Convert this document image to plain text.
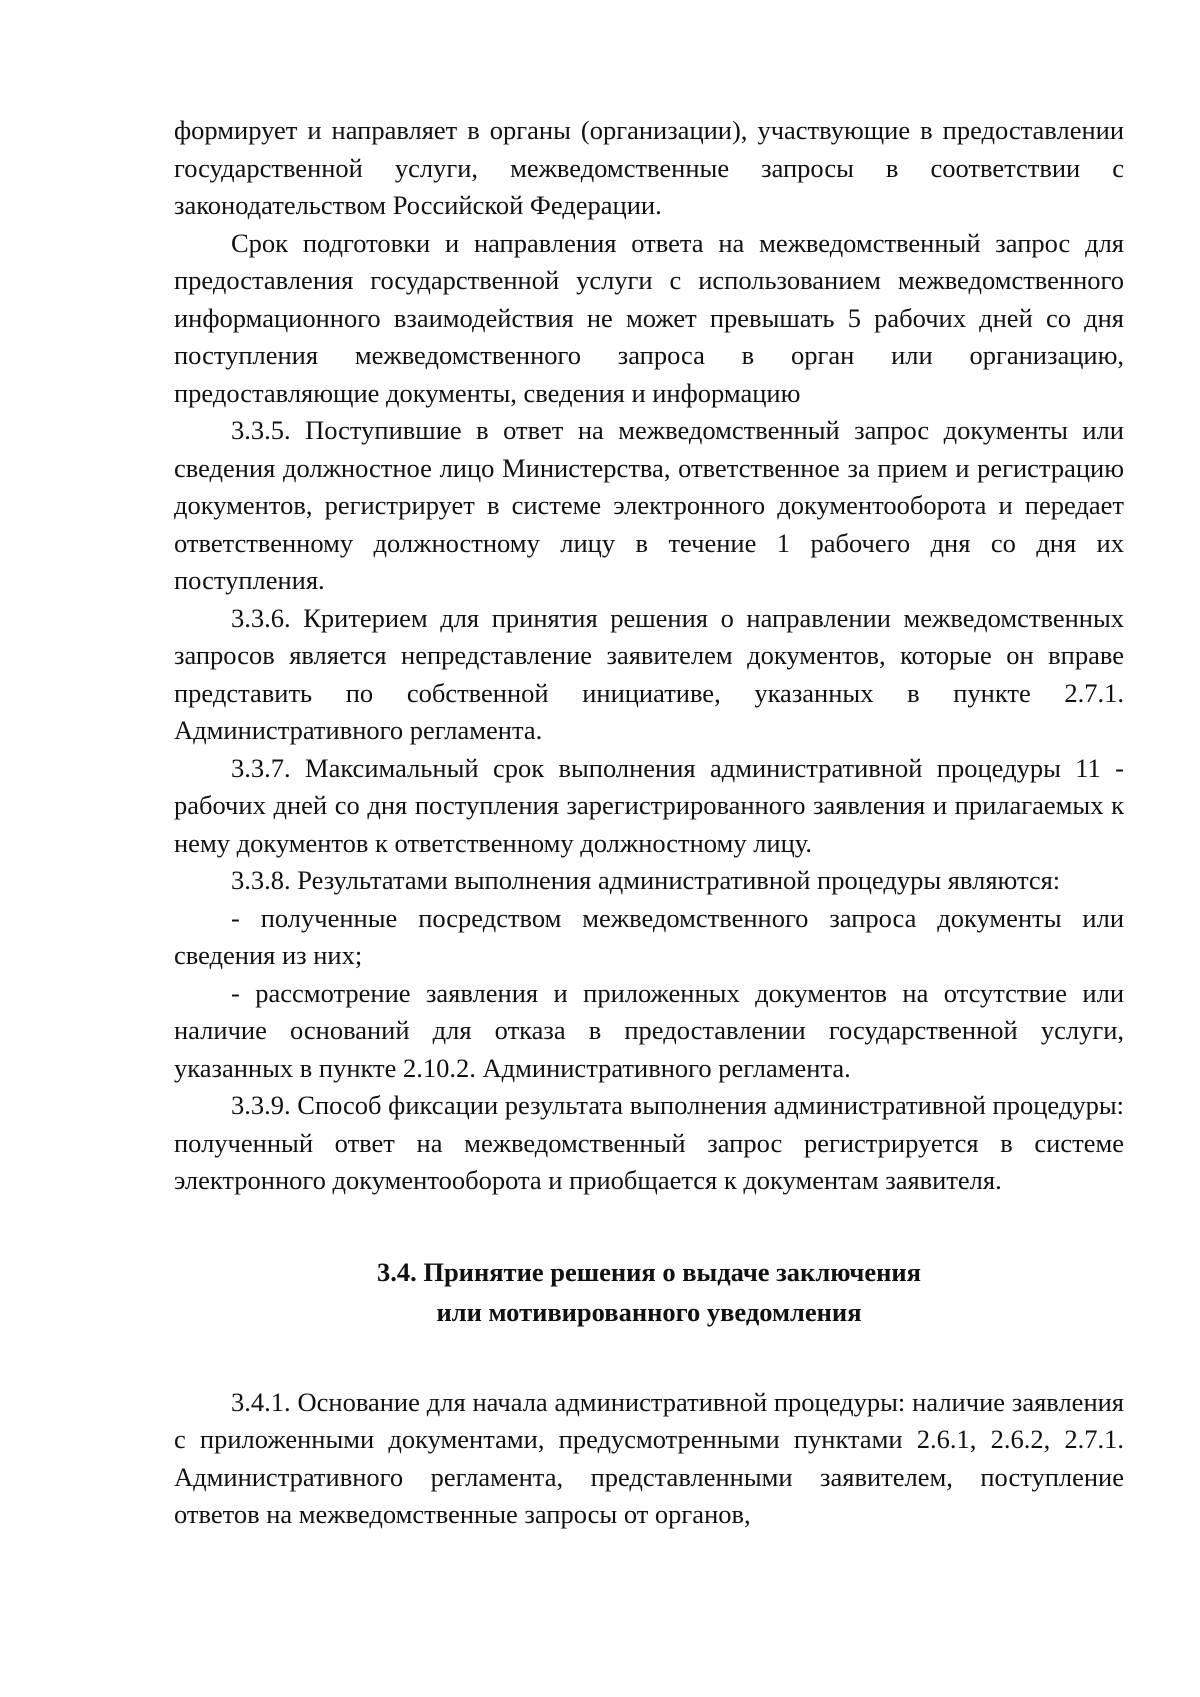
формирует и направляет в органы (организации), участвующие в предоставлении государственной услуги, межведомственные запросы в соответствии с законодательством Российской Федерации.

Срок подготовки и направления ответа на межведомственный запрос для предоставления государственной услуги с использованием межведомственного информационного взаимодействия не может превышать 5 рабочих дней со дня поступления межведомственного запроса в орган или организацию, предоставляющие документы, сведения и информацию

3.3.5. Поступившие в ответ на межведомственный запрос документы или сведения должностное лицо Министерства, ответственное за прием и регистрацию документов, регистрирует в системе электронного документооборота и передает ответственному должностному лицу в течение 1 рабочего дня со дня их поступления.

3.3.6. Критерием для принятия решения о направлении межведомственных запросов является непредставление заявителем документов, которые он вправе представить по собственной инициативе, указанных в пункте 2.7.1. Административного регламента.

3.3.7. Максимальный срок выполнения административной процедуры 11 - рабочих дней со дня поступления зарегистрированного заявления и прилагаемых к нему документов к ответственному должностному лицу.

3.3.8. Результатами выполнения административной процедуры являются:

- полученные посредством межведомственного запроса документы или сведения из них;

- рассмотрение заявления и приложенных документов на отсутствие или наличие оснований для отказа в предоставлении государственной услуги, указанных в пункте 2.10.2. Административного регламента.

3.3.9. Способ фиксации результата выполнения административной процедуры: полученный ответ на межведомственный запрос регистрируется в системе электронного документооборота и приобщается к документам заявителя.

3.4. Принятие решения о выдаче заключения
или мотивированного уведомления

3.4.1. Основание для начала административной процедуры: наличие заявления с приложенными документами, предусмотренными пунктами 2.6.1, 2.6.2, 2.7.1. Административного регламента, представленными заявителем, поступление ответов на межведомственные запросы от органов,
